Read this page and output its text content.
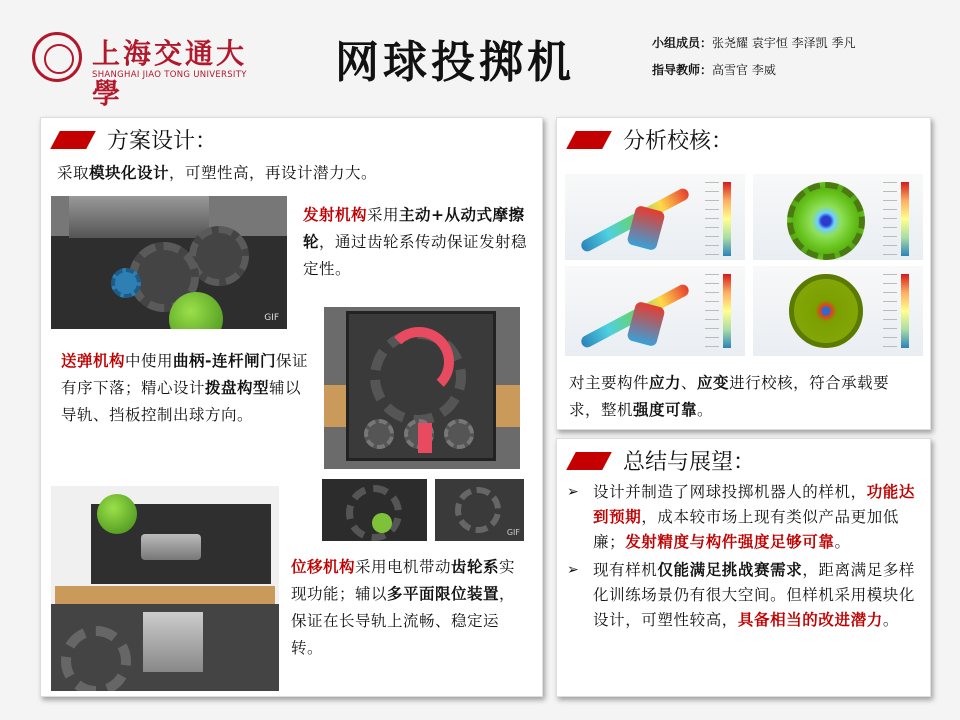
上海交通大學
SHANGHAI JIAO TONG UNIVERSITY	网球投掷机	小组成员：张尧耀 袁宇恒 李泽凯 季凡
指导教师：高雪官 李威
方案设计：
采取模块化设计，可塑性高，再设计潜力大。
GIF
发射机构采用主动+从动式摩擦轮，通过齿轮系传动保证发射稳定性。
送弹机构中使用曲柄-连杆闸门保证有序下落；精心设计拨盘构型辅以导轨、挡板控制出球方向。
GIF
位移机构采用电机带动齿轮系实现功能；辅以多平面限位装置，保证在长导轨上流畅、稳定运转。
分析校核：
对主要构件应力、应变进行校核，符合承载要求，整机强度可靠。
总结与展望：
➢ 设计并制造了网球投掷机器人的样机，功能达到预期，成本较市场上现有类似产品更加低廉；发射精度与构件强度足够可靠。
➢ 现有样机仅能满足挑战赛需求，距离满足多样化训练场景仍有很大空间。但样机采用模块化设计，可塑性较高，具备相当的改进潜力。
